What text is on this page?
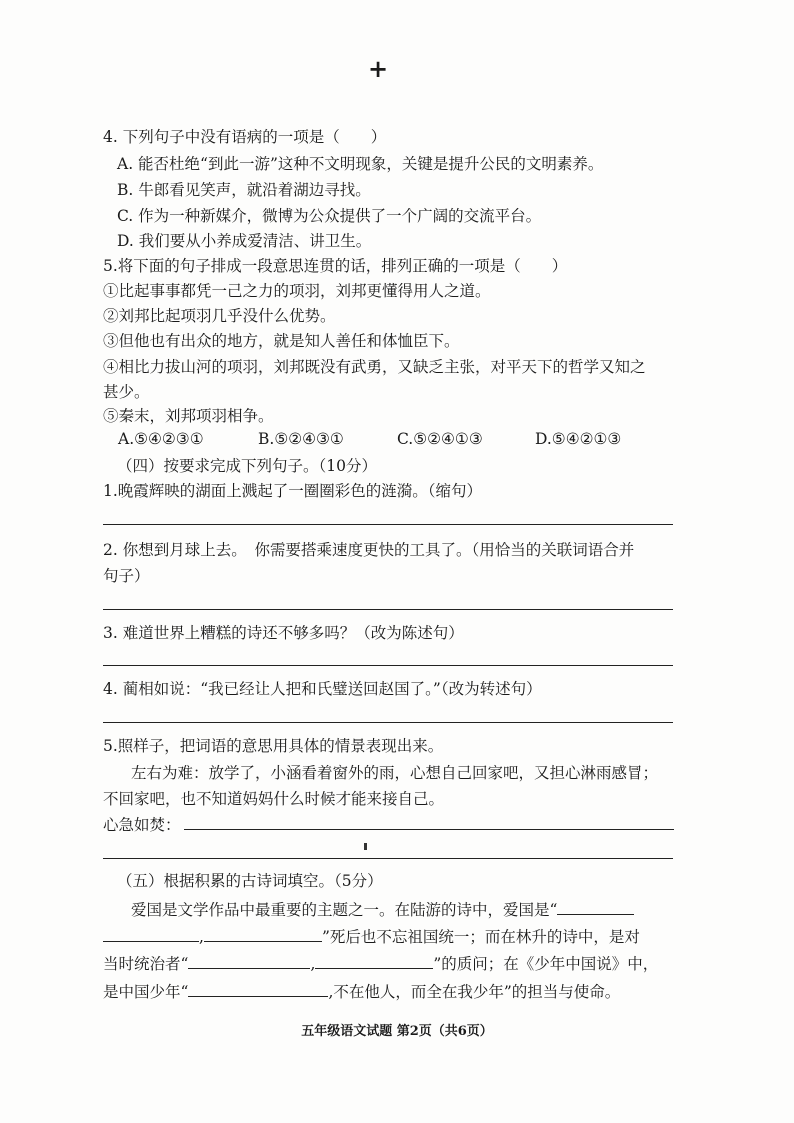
+
4. 下列句子中没有语病的一项是（　　）
A. 能否杜绝“到此一游”这种不文明现象，关键是提升公民的文明素养。
B. 牛郎看见笑声，就沿着湖边寻找。
C. 作为一种新媒介，微博为公众提供了一个广阔的交流平台。
D. 我们要从小养成爱清洁、讲卫生。
5.将下面的句子排成一段意思连贯的话，排列正确的一项是（　　）
①比起事事都凭一己之力的项羽，刘邦更懂得用人之道。
②刘邦比起项羽几乎没什么优势。
③但他也有出众的地方，就是知人善任和体恤臣下。
④相比力拔山河的项羽，刘邦既没有武勇，又缺乏主张，对平天下的哲学又知之
甚少。
⑤秦末，刘邦项羽相争。
A.⑤④②③①	B.⑤②④③①	C.⑤②④①③	D.⑤④②①③
（四）按要求完成下列句子。（10分）
1.晚霞辉映的湖面上溅起了一圈圈彩色的涟漪。（缩句）
2. 你想到月球上去。　你需要搭乘速度更快的工具了。（用恰当的关联词语合并
句子）
3. 难道世界上糟糕的诗还不够多吗？（改为陈述句）
4. 蔺相如说：“我已经让人把和氏璧送回赵国了。”（改为转述句）
5.照样子，把词语的意思用具体的情景表现出来。
左右为难：放学了，小涵看着窗外的雨，心想自己回家吧，又担心淋雨感冒；
不回家吧，也不知道妈妈什么时候才能来接自己。
心急如焚：
（五）根据积累的古诗词填空。（5分）
爱国是文学作品中最重要的主题之一。在陆游的诗中，爱国是“
,	”死后也不忘祖国统一；而在林升的诗中，是对
当时统治者“	,	”的质问；在《少年中国说》中，
是中国少年“	,不在他人，而全在我少年”的担当与使命。
五年级语文试题 第2页（共6页）
